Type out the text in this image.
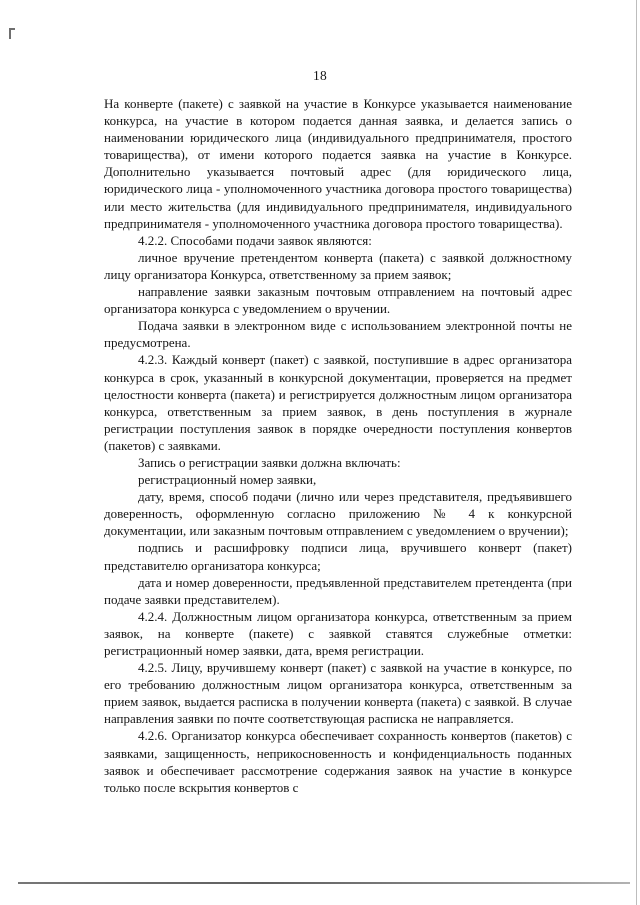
18

На конверте (пакете) с заявкой на участие в Конкурсе указывается наименование конкурса, на участие в котором подается данная заявка, и делается запись о наименовании юридического лица (индивидуального предпринимателя, простого товарищества), от имени которого подается заявка на участие в Конкурсе. Дополнительно указывается почтовый адрес (для юридического лица, юридического лица - уполномоченного участника договора простого товарищества) или место жительства (для индивидуального предпринимателя, индивидуального предпринимателя - уполномоченного участника договора простого товарищества).

4.2.2. Способами подачи заявок являются:

личное вручение претендентом конверта (пакета) с заявкой должностному лицу организатора Конкурса, ответственному за прием заявок;

направление заявки заказным почтовым отправлением на почтовый адрес организатора конкурса с уведомлением о вручении.

Подача заявки в электронном виде с использованием электронной почты не предусмотрена.

4.2.3. Каждый конверт (пакет) с заявкой, поступившие в адрес организатора конкурса в срок, указанный в конкурсной документации, проверяется на предмет целостности конверта (пакета) и регистрируется должностным лицом организатора конкурса, ответственным за прием заявок, в день поступления в журнале регистрации поступления заявок в порядке очередности поступления конвертов (пакетов) с заявками.

Запись о регистрации заявки должна включать:

регистрационный номер заявки,

дату, время, способ подачи (лично или через представителя, предъявившего доверенность, оформленную согласно приложению № 4 к конкурсной документации, или заказным почтовым отправлением с уведомлением о вручении);

подпись и расшифровку подписи лица, вручившего конверт (пакет) представителю организатора конкурса;

дата и номер доверенности, предъявленной представителем претендента (при подаче заявки представителем).

4.2.4. Должностным лицом организатора конкурса, ответственным за прием заявок, на конверте (пакете) с заявкой ставятся служебные отметки: регистрационный номер заявки, дата, время регистрации.

4.2.5. Лицу, вручившему конверт (пакет) с заявкой на участие в конкурсе, по его требованию должностным лицом организатора конкурса, ответственным за прием заявок, выдается расписка в получении конверта (пакета) с заявкой. В случае направления заявки по почте соответствующая расписка не направляется.

4.2.6. Организатор конкурса обеспечивает сохранность конвертов (пакетов) с заявками, защищенность, неприкосновенность и конфиденциальность поданных заявок и обеспечивает рассмотрение содержания заявок на участие в конкурсе только после вскрытия конвертов с
